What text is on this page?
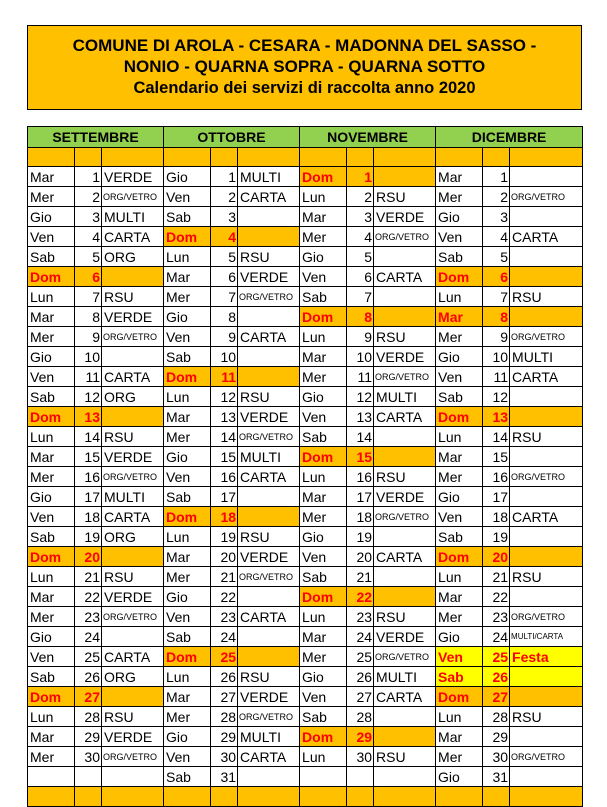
COMUNE DI AROLA - CESARA - MADONNA DEL SASSO -
NONIO - QUARNA SOPRA - QUARNA SOTTO
Calendario dei servizi di raccolta anno 2020
SETTEMBRE			OTTOBRE			NOVEMBRE			DICEMBRE		

Mar	1	VERDE	Gio	1	MULTI	Dom	1		Mar	1	
Mer	2	ORG/VETRO	Ven	2	CARTA	Lun	2	RSU	Mer	2	ORG/VETRO
Gio	3	MULTI	Sab	3		Mar	3	VERDE	Gio	3	
Ven	4	CARTA	Dom	4		Mer	4	ORG/VETRO	Ven	4	CARTA
Sab	5	ORG	Lun	5	RSU	Gio	5		Sab	5	
Dom	6		Mar	6	VERDE	Ven	6	CARTA	Dom	6	
Lun	7	RSU	Mer	7	ORG/VETRO	Sab	7		Lun	7	RSU
Mar	8	VERDE	Gio	8		Dom	8		Mar	8	
Mer	9	ORG/VETRO	Ven	9	CARTA	Lun	9	RSU	Mer	9	ORG/VETRO
Gio	10		Sab	10		Mar	10	VERDE	Gio	10	MULTI
Ven	11	CARTA	Dom	11		Mer	11	ORG/VETRO	Ven	11	CARTA
Sab	12	ORG	Lun	12	RSU	Gio	12	MULTI	Sab	12	
Dom	13		Mar	13	VERDE	Ven	13	CARTA	Dom	13	
Lun	14	RSU	Mer	14	ORG/VETRO	Sab	14		Lun	14	RSU
Mar	15	VERDE	Gio	15	MULTI	Dom	15		Mar	15	
Mer	16	ORG/VETRO	Ven	16	CARTA	Lun	16	RSU	Mer	16	ORG/VETRO
Gio	17	MULTI	Sab	17		Mar	17	VERDE	Gio	17	
Ven	18	CARTA	Dom	18		Mer	18	ORG/VETRO	Ven	18	CARTA
Sab	19	ORG	Lun	19	RSU	Gio	19		Sab	19	
Dom	20		Mar	20	VERDE	Ven	20	CARTA	Dom	20	
Lun	21	RSU	Mer	21	ORG/VETRO	Sab	21		Lun	21	RSU
Mar	22	VERDE	Gio	22		Dom	22		Mar	22	
Mer	23	ORG/VETRO	Ven	23	CARTA	Lun	23	RSU	Mer	23	ORG/VETRO
Gio	24		Sab	24		Mar	24	VERDE	Gio	24	MULTI/CARTA
Ven	25	CARTA	Dom	25		Mer	25	ORG/VETRO	Ven	25	Festa
Sab	26	ORG	Lun	26	RSU	Gio	26	MULTI	Sab	26	
Dom	27		Mar	27	VERDE	Ven	27	CARTA	Dom	27	
Lun	28	RSU	Mer	28	ORG/VETRO	Sab	28		Lun	28	RSU
Mar	29	VERDE	Gio	29	MULTI	Dom	29		Mar	29	
Mer	30	ORG/VETRO	Ven	30	CARTA	Lun	30	RSU	Mer	30	ORG/VETRO
			Sab	31					Gio	31	
